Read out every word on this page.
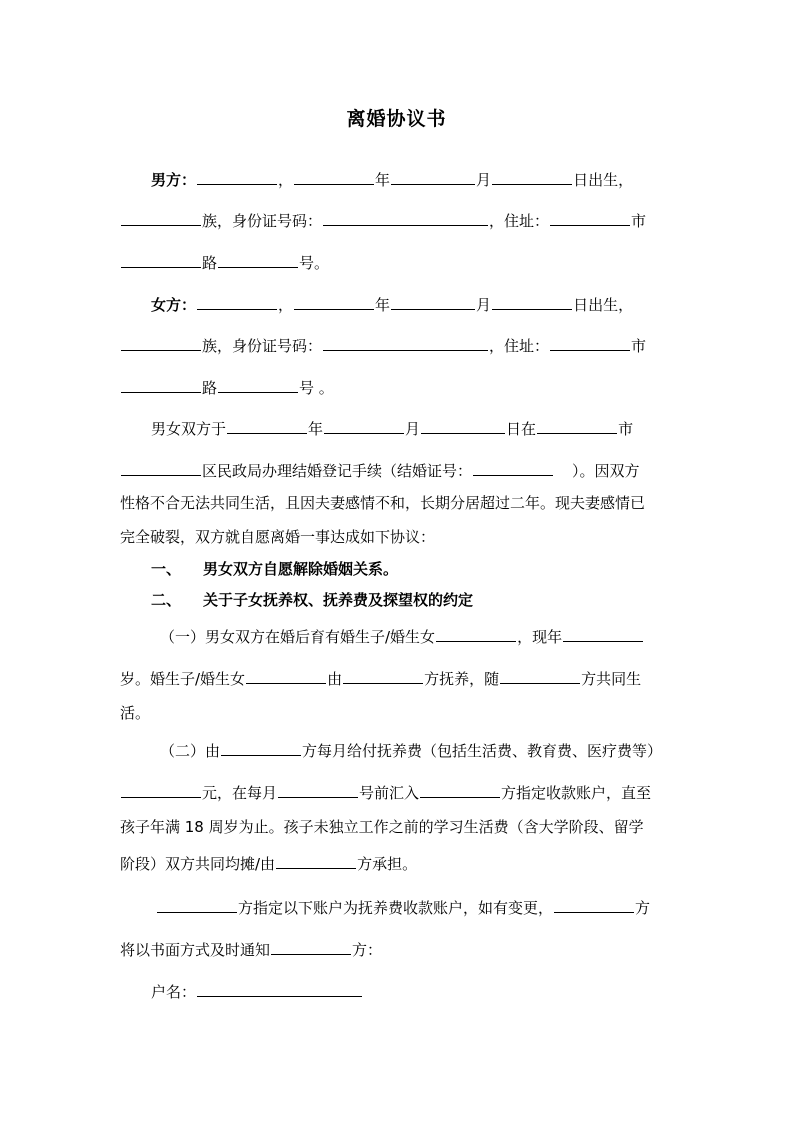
离婚协议书
男方：	，	年	月	日出生，
族，身份证号码：	，住址：	市
路	号。
女方：	，	年	月	日出生，
族，身份证号码：	，住址：	市
路	号 。
男女双方于	年	月	日在	市
区民政局办理结婚登记手续（结婚证号：	）。因双方
性格不合无法共同生活，且因夫妻感情不和，长期分居超过二年。现夫妻感情已
完全破裂，双方就自愿离婚一事达成如下协议：
一、 男女双方自愿解除婚姻关系。
二、 关于子女抚养权、抚养费及探望权的约定
（一）男女双方在婚后育有婚生子/婚生女	，现年
岁。婚生子/婚生女	由	方抚养，随	方共同生
活。
（二）由	方每月给付抚养费（包括生活费、教育费、医疗费等）
元，在每月	号前汇入	方指定收款账户，直至
孩子年满 18 周岁为止。孩子未独立工作之前的学习生活费（含大学阶段、留学
阶段）双方共同均摊/由	方承担。
方指定以下账户为抚养费收款账户，如有变更，	方
将以书面方式及时通知	方：
户名：
